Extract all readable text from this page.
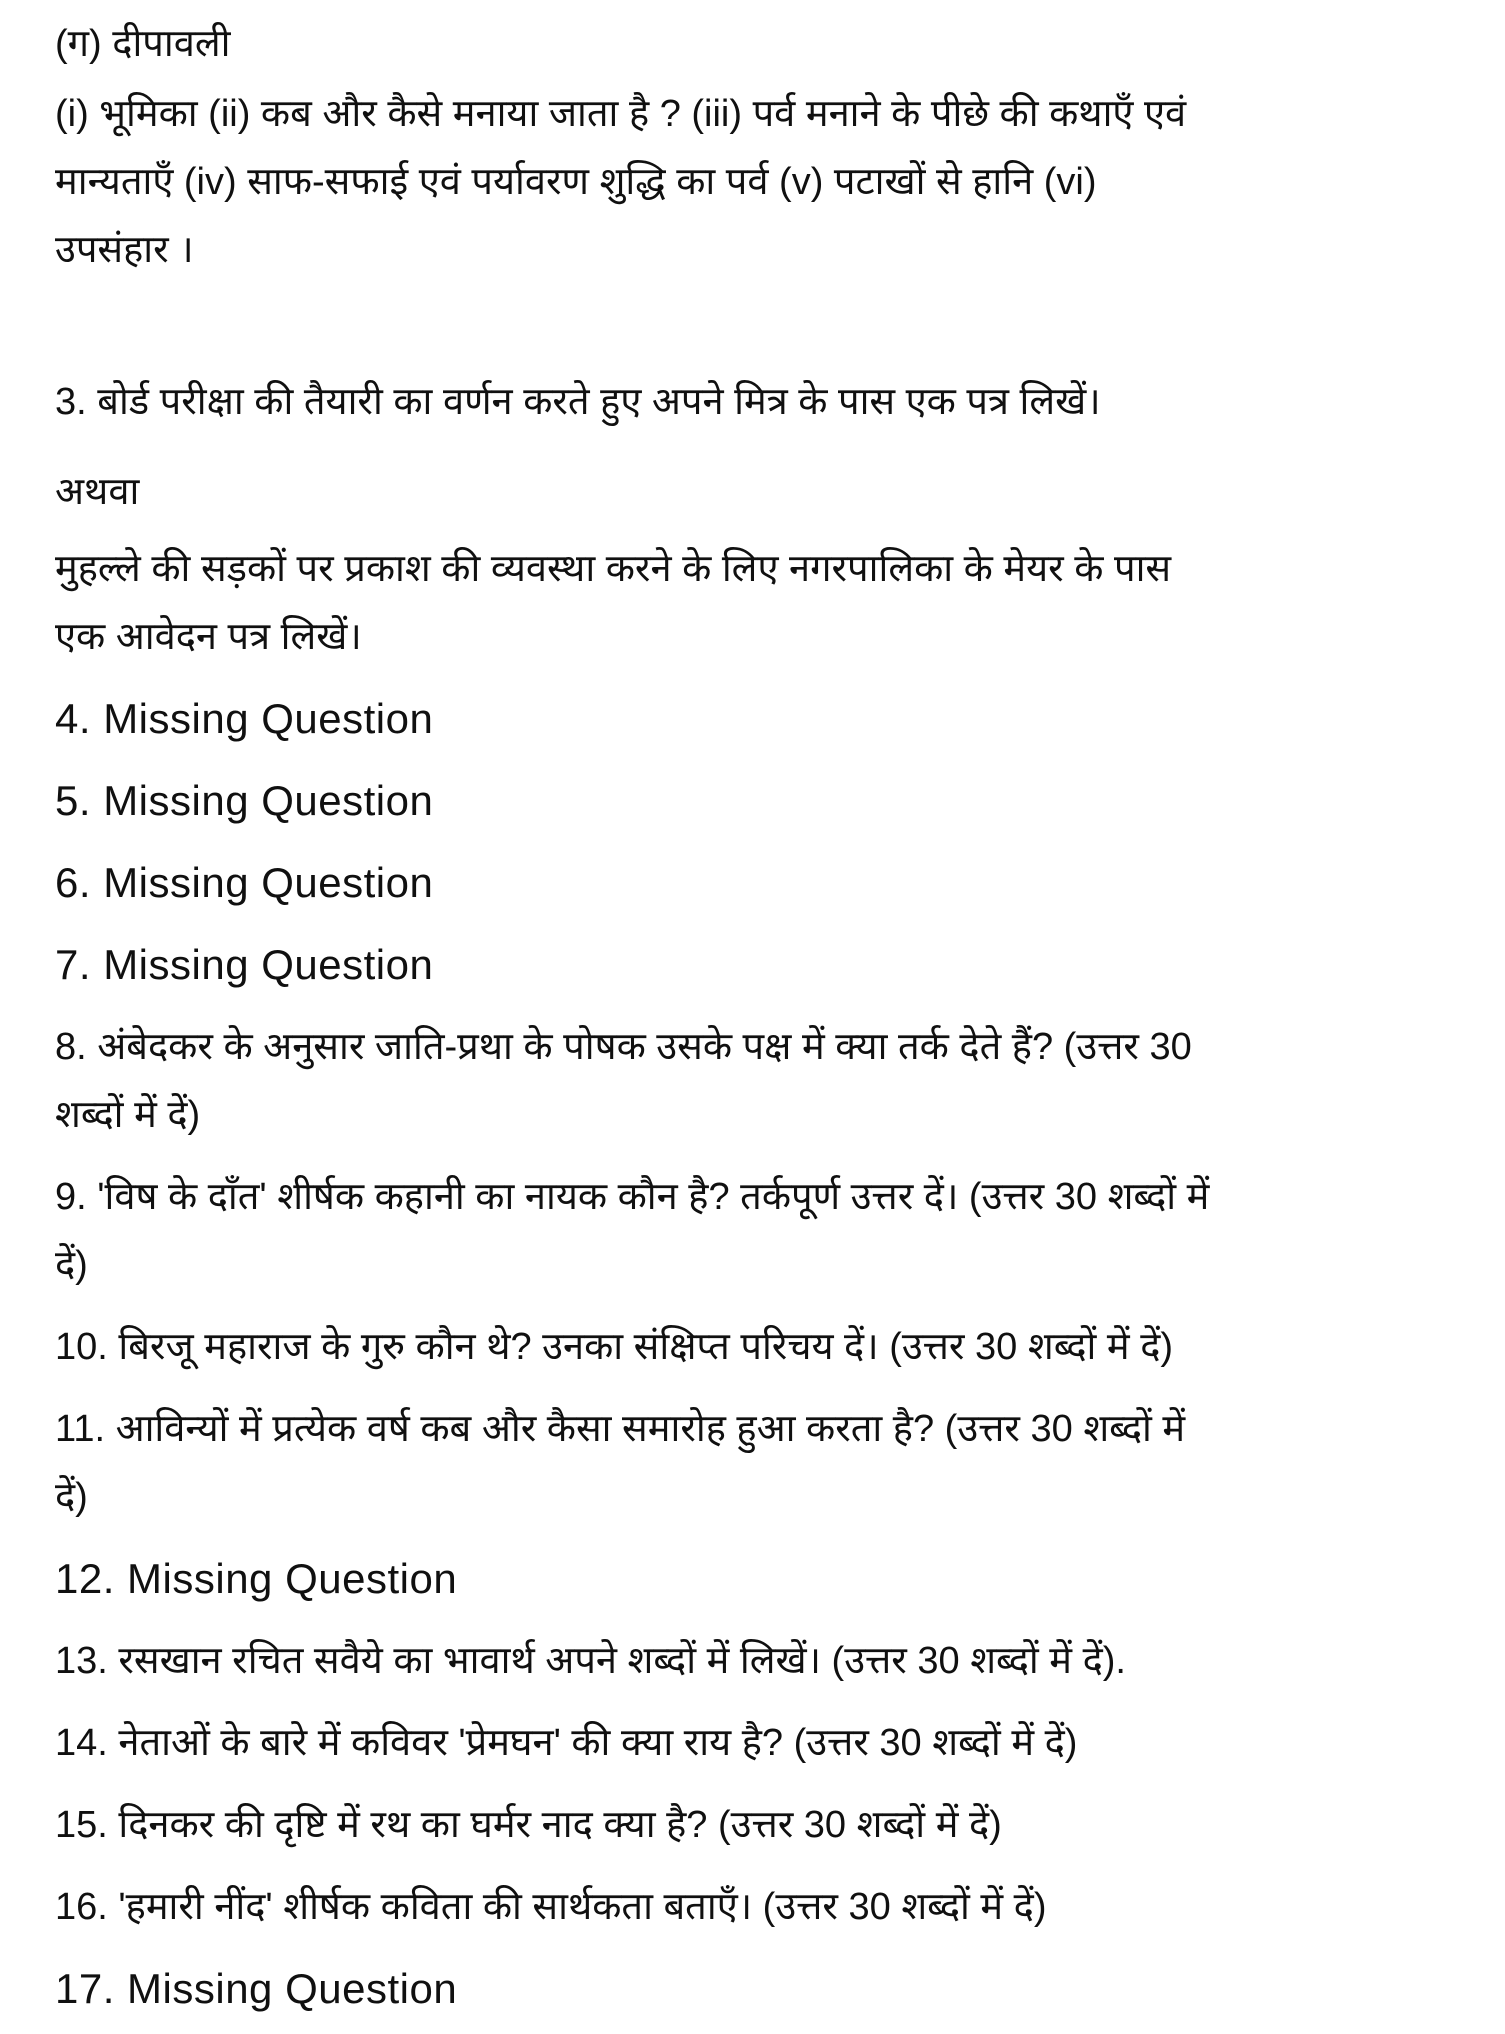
(ग) दीपावली
(i) भूमिका (ii) कब और कैसे मनाया जाता है ? (iii) पर्व मनाने के पीछे की कथाएँ एवं
मान्यताएँ (iv) साफ-सफाई एवं पर्यावरण शुद्धि का पर्व (v) पटाखों से हानि (vi)
उपसंहार ।
3. बोर्ड परीक्षा की तैयारी का वर्णन करते हुए अपने मित्र के पास एक पत्र लिखें।
अथवा
मुहल्ले की सड़कों पर प्रकाश की व्यवस्था करने के लिए नगरपालिका के मेयर के पास
एक आवेदन पत्र लिखें।
4. Missing Question
5. Missing Question
6. Missing Question
7. Missing Question
8. अंबेदकर के अनुसार जाति-प्रथा के पोषक उसके पक्ष में क्या तर्क देते हैं? (उत्तर 30
शब्दों में दें)
9. 'विष के दाँत' शीर्षक कहानी का नायक कौन है? तर्कपूर्ण उत्तर दें। (उत्तर 30 शब्दों में
दें)
10. बिरजू महाराज के गुरु कौन थे? उनका संक्षिप्त परिचय दें। (उत्तर 30 शब्दों में दें)
11. आविन्यों में प्रत्येक वर्ष कब और कैसा समारोह हुआ करता है? (उत्तर 30 शब्दों में
दें)
12. Missing Question
13. रसखान रचित सवैये का भावार्थ अपने शब्दों में लिखें। (उत्तर 30 शब्दों में दें).
14. नेताओं के बारे में कविवर 'प्रेमघन' की क्या राय है? (उत्तर 30 शब्दों में दें)
15. दिनकर की दृष्टि में रथ का घर्मर नाद क्या है? (उत्तर 30 शब्दों में दें)
16. 'हमारी नींद' शीर्षक कविता की सार्थकता बताएँ। (उत्तर 30 शब्दों में दें)
17. Missing Question
